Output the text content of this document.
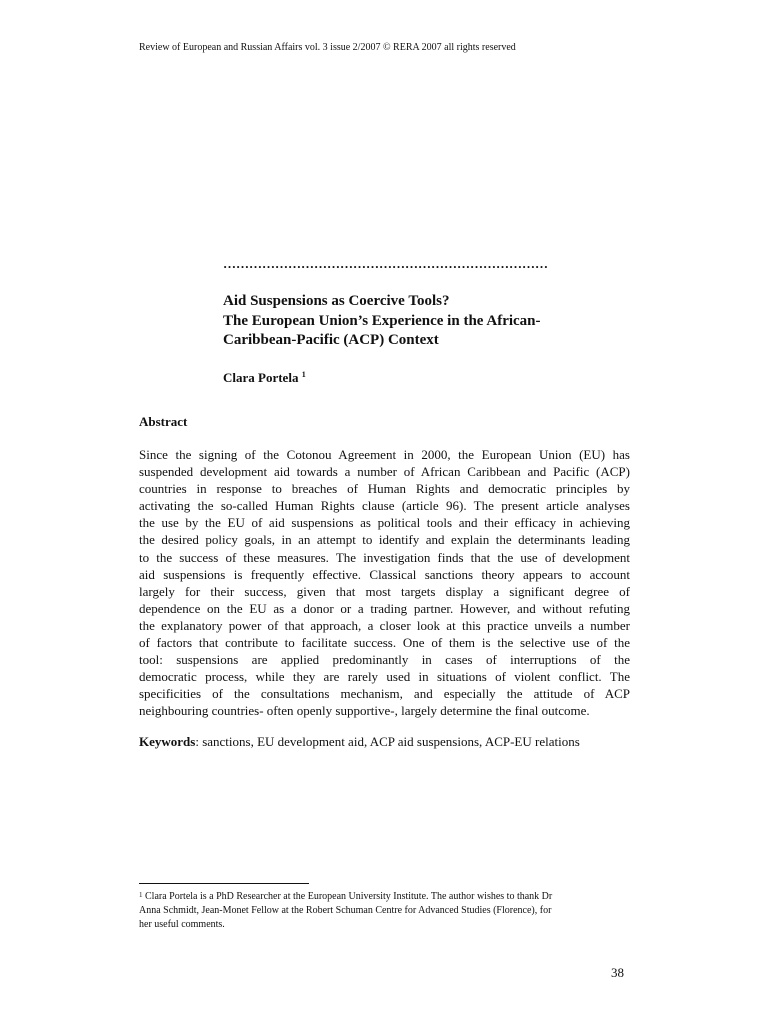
Review of European and Russian Affairs vol. 3 issue 2/2007 © RERA 2007 all rights reserved
…………………………………………………………………
Aid Suspensions as Coercive Tools?
The European Union’s Experience in the African-
Caribbean-Pacific (ACP) Context
Clara Portela $^1$
Abstract
Since the signing of the Cotonou Agreement in 2000, the European Union (EU) has
suspended development aid towards a number of African Caribbean and Pacific (ACP)
countries in response to breaches of Human Rights and democratic principles by
activating the so-called Human Rights clause (article 96). The present article analyses
the use by the EU of aid suspensions as political tools and their efficacy in achieving
the desired policy goals, in an attempt to identify and explain the determinants leading
to the success of these measures. The investigation finds that the use of development
aid suspensions is frequently effective. Classical sanctions theory appears to account
largely for their success, given that most targets display a significant degree of
dependence on the EU as a donor or a trading partner. However, and without refuting
the explanatory power of that approach, a closer look at this practice unveils a number
of factors that contribute to facilitate success. One of them is the selective use of the
tool: suspensions are applied predominantly in cases of interruptions of the
democratic process, while they are rarely used in situations of violent conflict. The
specificities of the consultations mechanism, and especially the attitude of ACP
neighbouring countries- often openly supportive-, largely determine the final outcome.
Keywords: sanctions, EU development aid, ACP aid suspensions, ACP-EU relations
$^1$ Clara Portela is a PhD Researcher at the European University Institute. The author wishes to thank Dr
Anna Schmidt, Jean-Monet Fellow at the Robert Schuman Centre for Advanced Studies (Florence), for
her useful comments.
38
